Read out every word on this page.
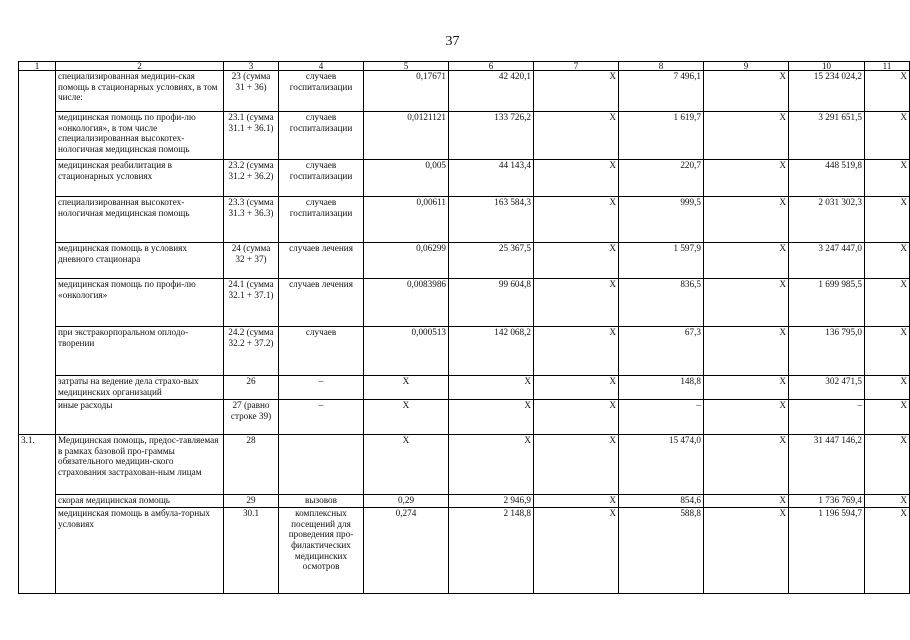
37
1	2	3	4	5	6	7	8	9	10	11
	специализированная медицин-ская помощь в стационарных условиях, в том числе:	23 (сумма 31 + 36)	случаев госпитализации	0,17671	42 420,1	X	7 496,1	X	15 234 024,2	X
	медицинская помощь по профи-лю «онкология», в том числе специализированная высокотех-нологичная медицинская помощь	23.1 (сумма 31.1 + 36.1)	случаев госпитализации	0,0121121	133 726,2	X	1 619,7	X	3 291 651,5	X
	медицинская реабилитация в стационарных условиях	23.2 (сумма 31.2 + 36.2)	случаев госпитализации	0,005	44 143,4	X	220,7	X	448 519,8	X
	специализированная высокотех-нологичная медицинская помощь	23.3 (сумма 31.3 + 36.3)	случаев госпитализации	0,00611	163 584,3	X	999,5	X	2 031 302,3	X
	медицинская помощь в условиях дневного стационара	24 (сумма 32 + 37)	случаев лечения	0,06299	25 367,5	X	1 597,9	X	3 247 447,0	X
	медицинская помощь по профи-лю «онкология»	24.1 (сумма 32.1 + 37.1)	случаев лечения	0,0083986	99 604,8	X	836,5	X	1 699 985,5	X
	при экстракорпоральном оплодо-творении	24.2 (сумма 32.2 + 37.2)	случаев	0,000513	142 068,2	X	67,3	X	136 795,0	X
	затраты на ведение дела страхо-вых медицинских организаций	26	–	X	X	X	148,8	X	302 471,5	X
	иные расходы	27 (равно строке 39)	–	X	X	X	–	X	–	X
3.1.	Медицинская помощь, предос-тавляемая в рамках базовой про-граммы обязательного медицин-ского страхования застрахован-ным лицам	28		X	X	X	15 474,0	X	31 447 146,2	X
	скорая медицинская помощь	29	вызовов	0,29	2 946,9	X	854,6	X	1 736 769,4	X
	медицинская помощь в амбула-торных условиях	30.1	комплексных посещений для проведения про-филактических медицинских осмотров	0,274	2 148,8	X	588,8	X	1 196 594,7	X
